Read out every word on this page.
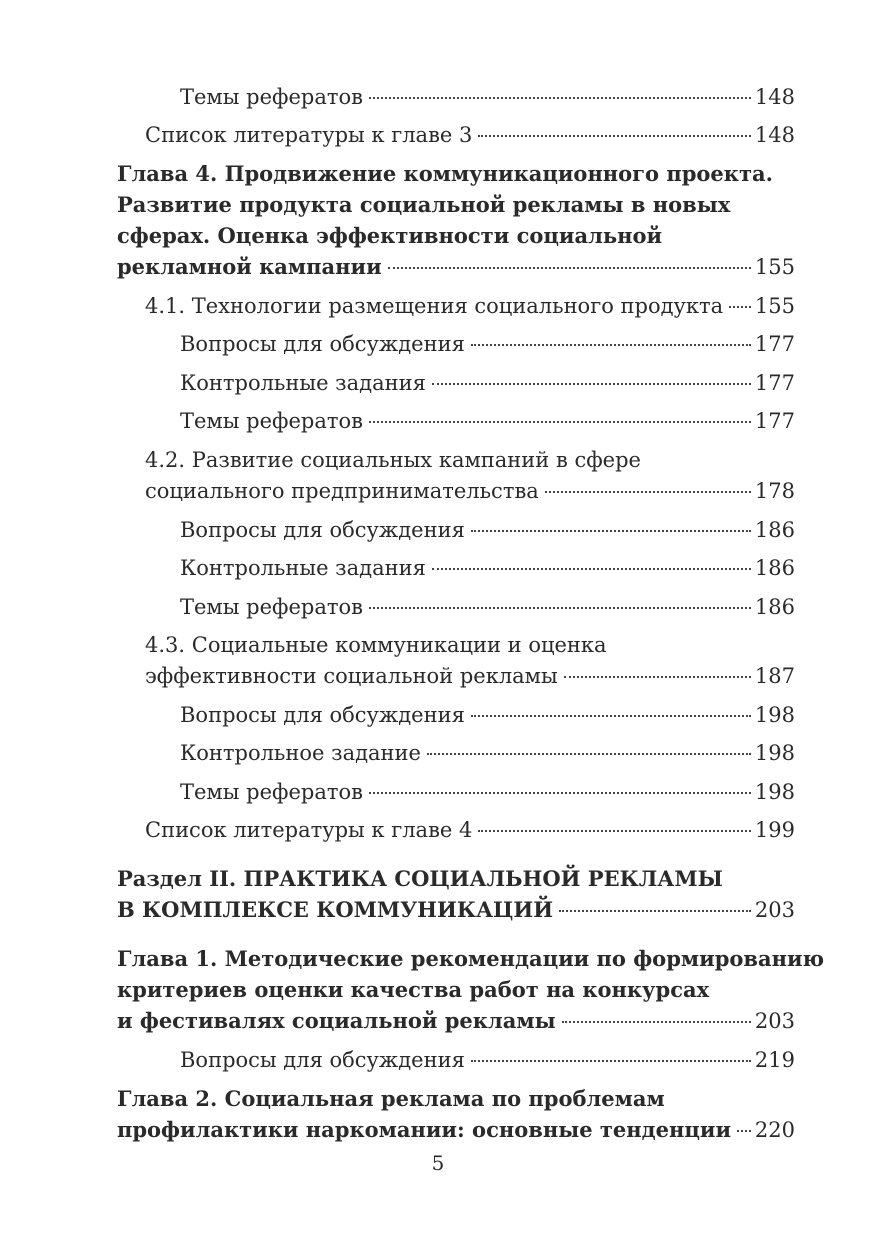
Темы рефератов	148
Список литературы к главе 3	148
Глава 4. Продвижение коммуникационного проекта.
Развитие продукта социальной рекламы в новых
сферах. Оценка эффективности социальной
рекламной кампании	155
4.1. Технологии размещения социального продукта 155
Вопросы для обсуждения	177
Контрольные задания	177
Темы рефератов	177
4.2. Развитие социальных кампаний в сфере
социального предпринимательства	178
Вопросы для обсуждения	186
Контрольные задания	186
Темы рефератов	186
4.3. Социальные коммуникации и оценка
эффективности социальной рекламы	187
Вопросы для обсуждения	198
Контрольное задание	198
Темы рефератов	198
Список литературы к главе 4	199
Раздел II. ПРАКТИКА СОЦИАЛЬНОЙ РЕКЛАМЫ
В КОМПЛЕКСЕ КОММУНИКАЦИЙ	203
Глава 1. Методические рекомендации по формированию
критериев оценки качества работ на конкурсах
и фестивалях социальной рекламы	203
Вопросы для обсуждения	219
Глава 2. Социальная реклама по проблемам
профилактики наркомании: основные тенденции 220
5
